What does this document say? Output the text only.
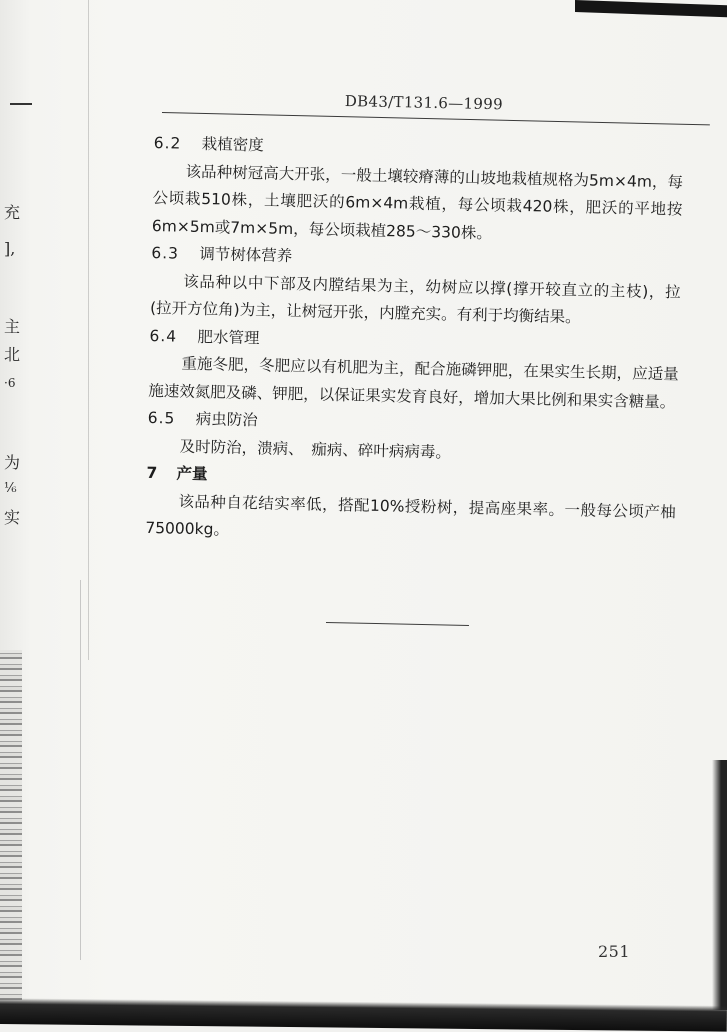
充
],
主
北
·6
为
⅙
实
DB43/T131.6—1999
6.2 栽植密度
该品种树冠高大开张，一般土壤较瘠薄的山坡地栽植规格为5m×4m，每公顷栽510株，土壤肥沃的6m×4m栽植，每公顷栽420株，肥沃的平地按6m×5m或7m×5m，每公顷栽植285～330株。
6.3 调节树体营养
该品种以中下部及内膛结果为主，幼树应以撑(撑开较直立的主枝)，拉(拉开方位角)为主，让树冠开张，内膛充实。有利于均衡结果。
6.4 肥水管理
重施冬肥，冬肥应以有机肥为主，配合施磷钾肥，在果实生长期，应适量施速效氮肥及磷、钾肥，以保证果实发育良好，增加大果比例和果实含糖量。
6.5 病虫防治
及时防治，溃病、　痂病、碎叶病病毒。
7 产量
该品种自花结实率低，搭配10%授粉树，提高座果率。一般每公顷产柚75000kg。
251
